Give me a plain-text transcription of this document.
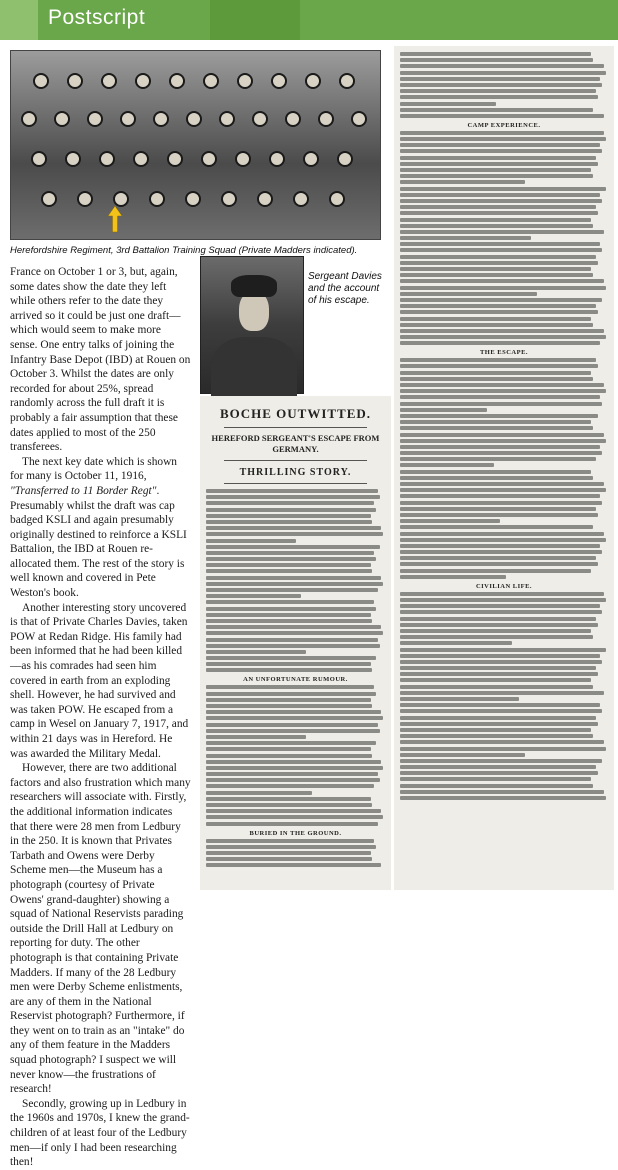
Postscript
Herefordshire Regiment, 3rd Battalion Training Squad (Private Madders indicated).
Sergeant Davies and the account of his escape.

France on October 1 or 3, but, again, some dates show the date they left while others refer to the date they arrived so it could be just one draft—which would seem to make more sense. One entry talks of joining the Infantry Base Depot (IBD) at Rouen on October 3. Whilst the dates are only recorded for about 25%, spread randomly across the full draft it is probably a fair assumption that these dates applied to most of the 250 transferees.

The next key date which is shown for many is October 11, 1916, "Transferred to 11 Border Regt". Presumably whilst the draft was cap badged KSLI and again presumably originally destined to reinforce a KSLI Battalion, the IBD at Rouen re-allocated them. The rest of the story is well known and covered in Pete Weston's book.

Another interesting story uncovered is that of Private Charles Davies, taken POW at Redan Ridge. His family had been informed that he had been killed—as his comrades had seen him covered in earth from an exploding shell. However, he had survived and was taken POW. He escaped from a camp in Wesel on January 7, 1917, and within 21 days was in Hereford. He was awarded the Military Medal.

However, there are two additional factors and also frustration which many researchers will associate with. Firstly, the additional information indicates that there were 28 men from Ledbury in the 250. It is known that Privates Tarbath and Owens were Derby Scheme men—the Museum has a photograph (courtesy of Private Owens' grand-daughter) showing a squad of National Reservists parading outside the Drill Hall at Ledbury on reporting for duty. The other photograph is that containing Private Madders. If many of the 28 Ledbury men were Derby Scheme enlistments, are any of them in the National Reservist photograph? Furthermore, if they went on to train as an "intake" do any of them feature in the Madders squad photograph? I suspect we will never know—the frustrations of research!

Secondly, growing up in Ledbury in the 1960s and 1970s, I knew the grand-children of at least four of the Ledbury men—if only I had been researching then!

BOCHE OUTWITTED.
HEREFORD SERGEANT'S ESCAPE FROM GERMANY.
THRILLING STORY.
AN UNFORTUNATE RUMOUR.
BURIED IN THE GROUND.
CAMP EXPERIENCE.
THE ESCAPE.
CIVILIAN LIFE.
